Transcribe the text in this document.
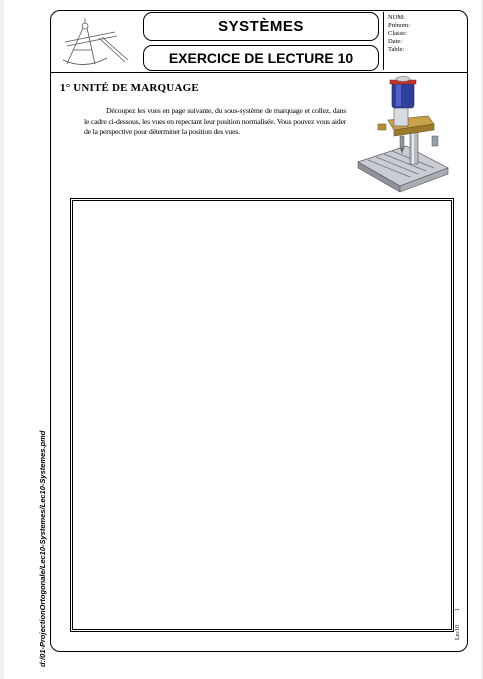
SYSTÈMES
EXERCICE DE LECTURE 10
NOM:
Prénom:
Classe:
Date:
Table:
1° UNITÉ DE MARQUAGE
Découpez les vues en page suivante, du sous-système de marquage et collez, dans le cadre ci-dessous, les vues en repectant leur position normalisée. Vous pouvez vous aider de la perspective pour déterminer la position des vues.
d:/01-ProjectionOrtogonale/Lec10-Systemes/Lec10-Systemes.pmd	Lec10
1
